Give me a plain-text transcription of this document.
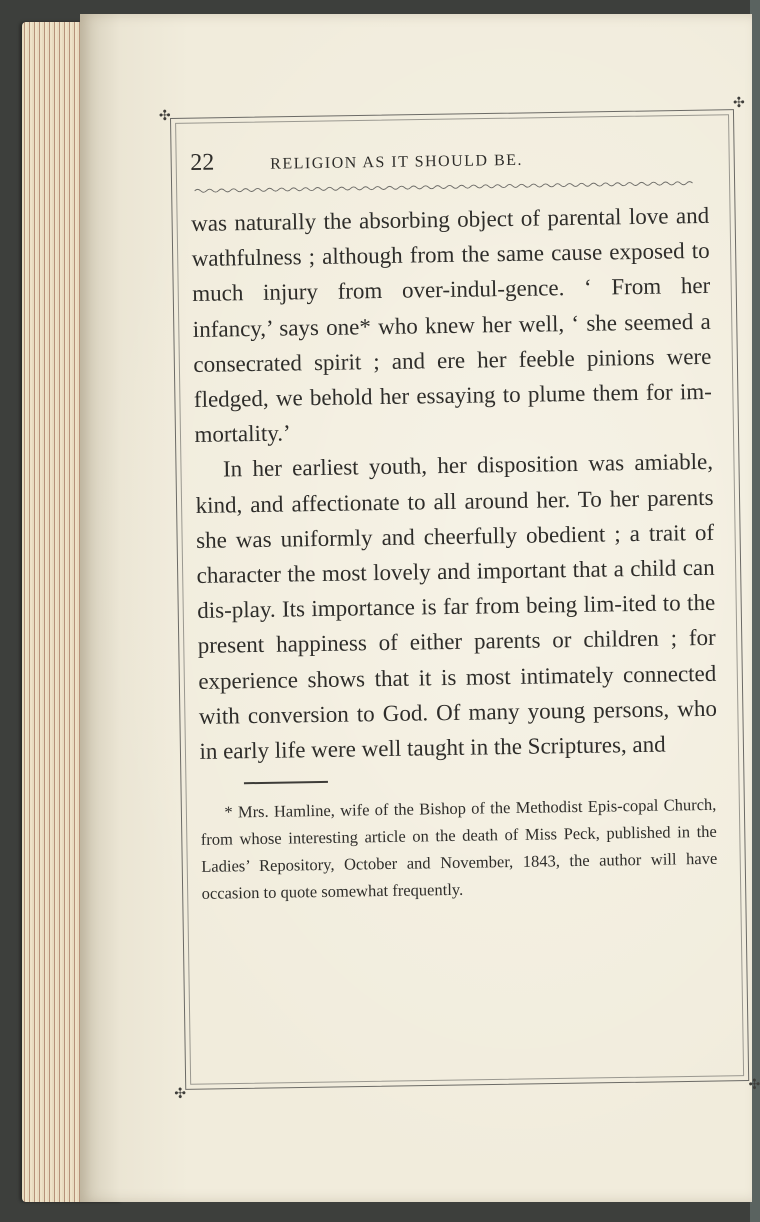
✣
✣
✣
✣
22	RELIGION AS IT SHOULD BE.

was naturally the absorbing object of parental love and wathfulness ; although from the same cause exposed to much injury from over-indul-gence. ‘ From her infancy,’ says one* who knew her well, ‘ she seemed a consecrated spirit ; and ere her feeble pinions were fledged, we behold her essaying to plume them for im-mortality.’

In her earliest youth, her disposition was amiable, kind, and affectionate to all around her. To her parents she was uniformly and cheerfully obedient ; a trait of character the most lovely and important that a child can dis-play. Its importance is far from being lim-ited to the present happiness of either parents or children ; for experience shows that it is most intimately connected with conversion to God. Of many young persons, who in early life were well taught in the Scriptures, and

* Mrs. Hamline, wife of the Bishop of the Methodist Epis-copal Church, from whose interesting article on the death of Miss Peck, published in the Ladies’ Repository, October and November, 1843, the author will have occasion to quote somewhat frequently.
